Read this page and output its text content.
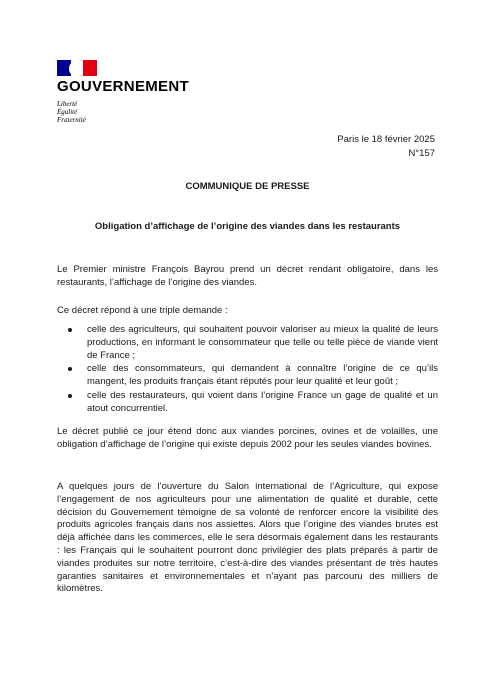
GOUVERNEMENT
Liberté
Égalité
Fraternité
Paris le 18 février 2025
N°157
COMMUNIQUE DE PRESSE
Obligation d’affichage de l’origine des viandes dans les restaurants
Le Premier ministre François Bayrou prend un décret rendant obligatoire, dans les restaurants, l’affichage de l’origine des viandes.
Ce décret répond à une triple demande :
celle des agriculteurs, qui souhaitent pouvoir valoriser au mieux la qualité de leurs productions, en informant le consommateur que telle ou telle pièce de viande vient de France ;
celle des consommateurs, qui demandent à connaître l’origine de ce qu’ils mangent, les produits français étant réputés pour leur qualité et leur goût ;
celle des restaurateurs, qui voient dans l’origine France un gage de qualité et un atout concurrentiel.
Le décret publié ce jour étend donc aux viandes porcines, ovines et de volailles, une obligation d’affichage de l’origine qui existe depuis 2002 pour les seules viandes bovines.
A quelques jours de l’ouverture du Salon international de l’Agriculture, qui expose l’engagement de nos agriculteurs pour une alimentation de qualité et durable, cette décision du Gouvernement témoigne de sa volonté de renforcer encore la visibilité des produits agricoles français dans nos assiettes. Alors que l’origine des viandes brutes est déjà affichée dans les commerces, elle le sera désormais également dans les restaurants : les Français qui le souhaitent pourront donc privilégier des plats préparés à partir de viandes produites sur notre territoire, c’est-à-dire des viandes présentant de très hautes garanties sanitaires et environnementales et n’ayant pas parcouru des milliers de kilomètres.
